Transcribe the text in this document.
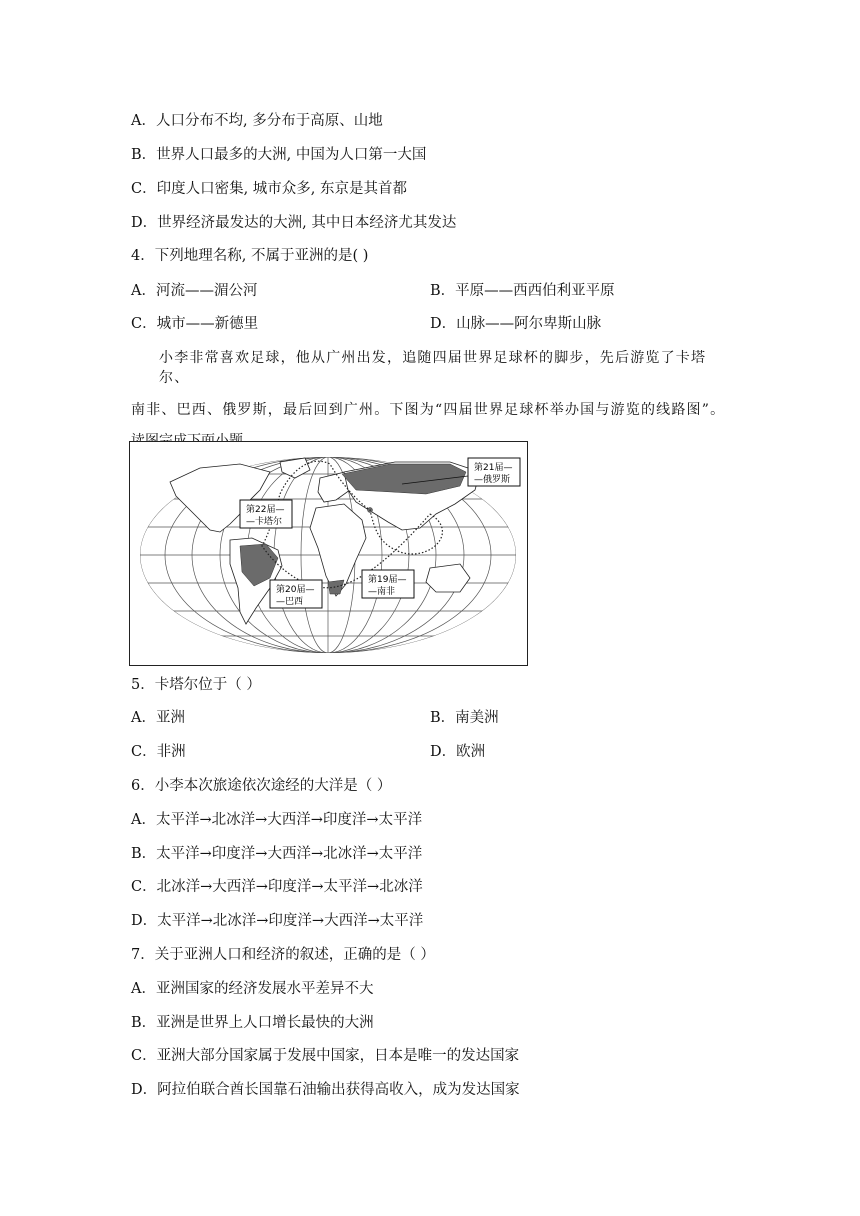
A．人口分布不均, 多分布于高原、山地
B．世界人口最多的大洲, 中国为人口第一大国
C．印度人口密集, 城市众多, 东京是其首都
D．世界经济最发达的大洲, 其中日本经济尤其发达
4．下列地理名称, 不属于亚洲的是( )
A．河流——湄公河	B．平原——西西伯利亚平原
C．城市——新德里	D．山脉——阿尔卑斯山脉
小李非常喜欢足球，他从广州出发，追随四届世界足球杯的脚步，先后游览了卡塔尔、
南非、巴西、俄罗斯，最后回到广州。下图为“四届世界足球杯举办国与游览的线路图”。
第21届—
—俄罗斯
第22届—
—卡塔尔
第20届—
—巴西
第19届—
—南非
5．卡塔尔位于（ ）
A．亚洲	B．南美洲
C．非洲	D．欧洲
6．小李本次旅途依次途经的大洋是（ ）
A．太平洋→北冰洋→大西洋→印度洋→太平洋
B．太平洋→印度洋→大西洋→北冰洋→太平洋
C．北冰洋→大西洋→印度洋→太平洋→北冰洋
D．太平洋→北冰洋→印度洋→大西洋→太平洋
7．关于亚洲人口和经济的叙述，正确的是（ ）
A．亚洲国家的经济发展水平差异不大
B．亚洲是世界上人口增长最快的大洲
C．亚洲大部分国家属于发展中国家，日本是唯一的发达国家
D．阿拉伯联合酋长国靠石油输出获得高收入，成为发达国家
